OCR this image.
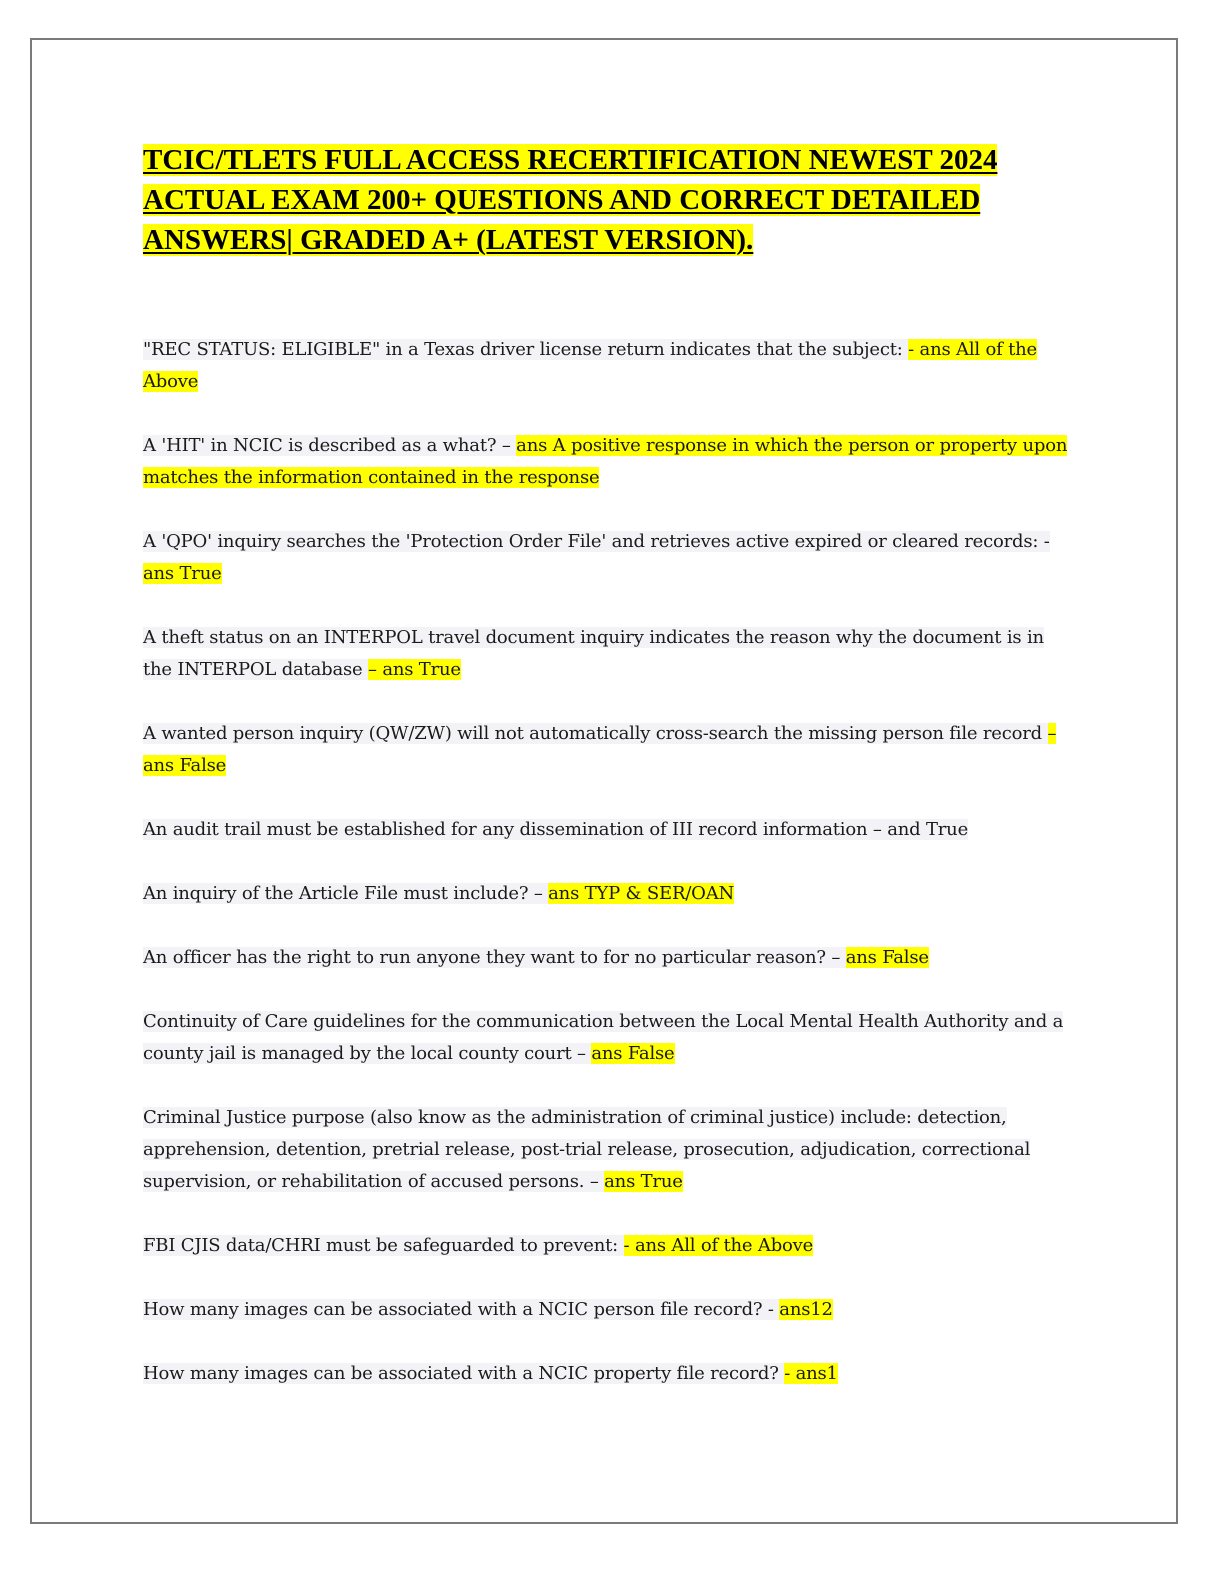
TCIC/TLETS FULL ACCESS RECERTIFICATION NEWEST 2024 ACTUAL EXAM 200+ QUESTIONS AND CORRECT DETAILED ANSWERS| GRADED A+ (LATEST VERSION).

"REC STATUS: ELIGIBLE" in a Texas driver license return indicates that the subject: - ans All of the Above

A 'HIT' in NCIC is described as a what? – ans A positive response in which the person or property upon matches the information contained in the response

A 'QPO' inquiry searches the 'Protection Order File' and retrieves active expired or cleared records: - ans True

A theft status on an INTERPOL travel document inquiry indicates the reason why the document is in the INTERPOL database – ans True

A wanted person inquiry (QW/ZW) will not automatically cross-search the missing person file record – ans False

An audit trail must be established for any dissemination of III record information – and True

An inquiry of the Article File must include? – ans TYP & SER/OAN

An officer has the right to run anyone they want to for no particular reason? – ans False

Continuity of Care guidelines for the communication between the Local Mental Health Authority and a county jail is managed by the local county court – ans False

Criminal Justice purpose (also know as the administration of criminal justice) include: detection, apprehension, detention, pretrial release, post-trial release, prosecution, adjudication, correctional supervision, or rehabilitation of accused persons. – ans True

FBI CJIS data/CHRI must be safeguarded to prevent: - ans All of the Above

How many images can be associated with a NCIC person file record? - ans12

How many images can be associated with a NCIC property file record? - ans1
